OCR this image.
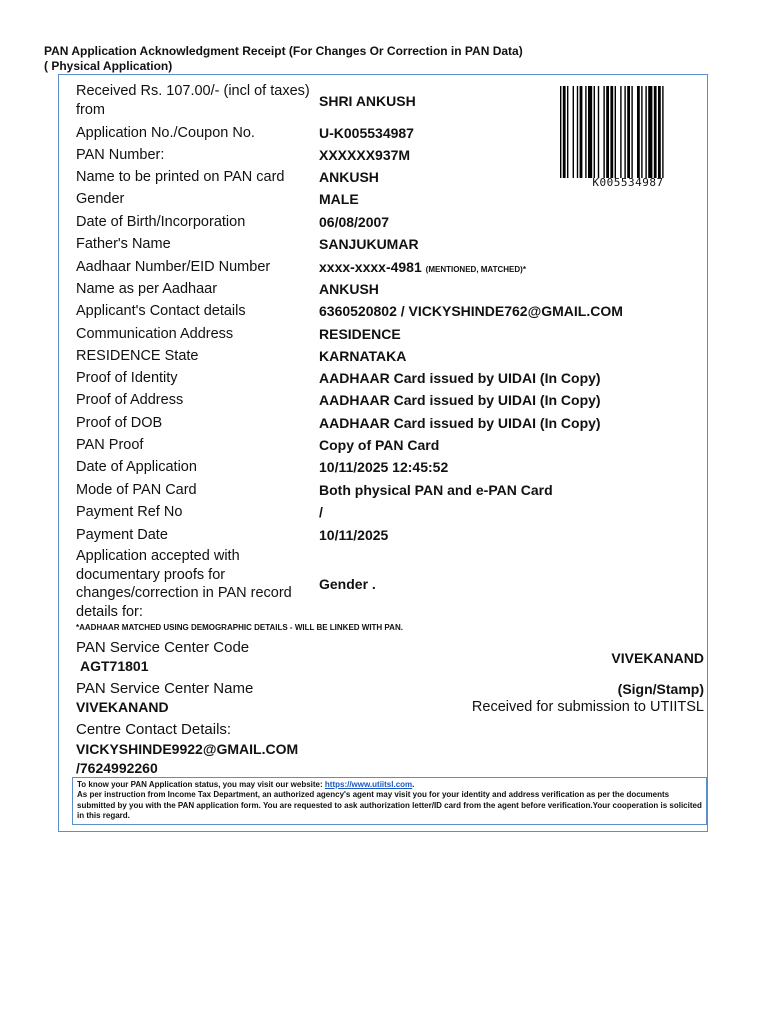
PAN Application Acknowledgment Receipt (For Changes Or Correction in PAN Data)
( Physical Application)
K005534987
Received Rs. 107.00/- (incl of taxes) from
SHRI ANKUSH
Application No./Coupon No.	U-K005534987
PAN Number:	XXXXXX937M
Name to be printed on PAN card	ANKUSH
Gender	MALE
Date of Birth/Incorporation	06/08/2007
Father's Name	SANJUKUMAR
Aadhaar Number/EID Number	xxxx-xxxx-4981 (MENTIONED, MATCHED)*
Name as per Aadhaar	ANKUSH
Applicant's Contact details	6360520802 / VICKYSHINDE762@GMAIL.COM
Communication Address	RESIDENCE
RESIDENCE State	KARNATAKA
Proof of Identity	AADHAAR Card issued by UIDAI (In Copy)
Proof of Address	AADHAAR Card issued by UIDAI (In Copy)
Proof of DOB	AADHAAR Card issued by UIDAI (In Copy)
PAN Proof	Copy of PAN Card
Date of Application	10/11/2025 12:45:52
Mode of PAN Card	Both physical PAN and e-PAN Card
Payment Ref No	/
Payment Date	10/11/2025
Application accepted with documentary proofs for changes/correction in PAN record details for:
Gender .
*AADHAAR MATCHED USING DEMOGRAPHIC DETAILS - WILL BE LINKED WITH PAN.
PAN Service Center Code
AGT71801
PAN Service Center Name
VIVEKANAND
Centre Contact Details:
VICKYSHINDE9922@GMAIL.COM
/7624992260
VIVEKANAND
(Sign/Stamp)
Received for submission to UTIITSL
To know your PAN Application status, you may visit our website: https://www.utiitsl.com.
As per instruction from Income Tax Department, an authorized agency's agent may visit you for your identity and address verification as per the documents submitted by you with the PAN application form. You are requested to ask authorization letter/ID card from the agent before verification.Your cooperation is solicited in this regard.
